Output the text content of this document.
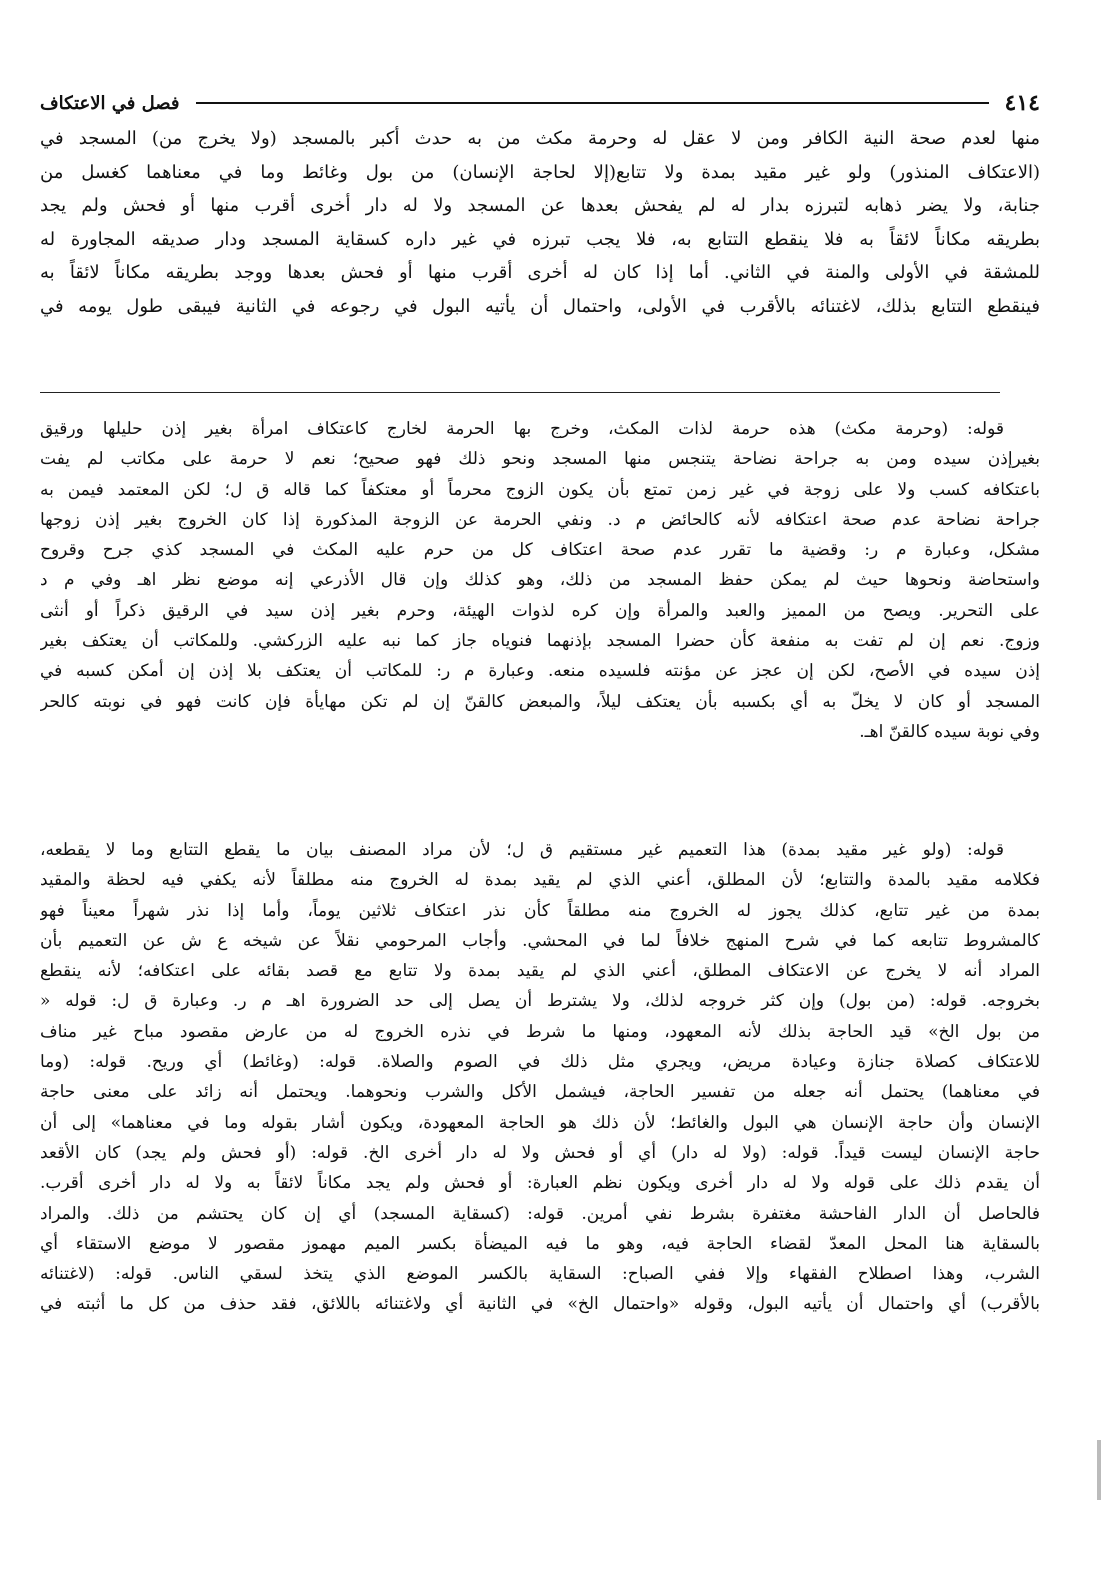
٤١٤
فصل في الاعتكاف
منها لعدم صحة النية الكافر ومن لا عقل له وحرمة مكث من به حدث أكبر بالمسجد (ولا يخرج من) المسجد في
(الاعتكاف المنذور) ولو غير مقيد بمدة ولا تتابع(إلا لحاجة الإنسان) من بول وغائط وما في معناهما كغسل من
جنابة، ولا يضر ذهابه لتبرزه بدار له لم يفحش بعدها عن المسجد ولا له دار أخرى أقرب منها أو فحش ولم يجد
بطريقه مكاناً لائقاً به فلا ينقطع التتابع به، فلا يجب تبرزه في غير داره كسقاية المسجد ودار صديقه المجاورة له
للمشقة في الأولى والمنة في الثاني. أما إذا كان له أخرى أقرب منها أو فحش بعدها ووجد بطريقه مكاناً لائقاً به
فينقطع التتابع بذلك، لاغتنائه بالأقرب في الأولى، واحتمال أن يأتيه البول في رجوعه في الثانية فيبقى طول يومه في
قوله: (وحرمة مكث) هذه حرمة لذات المكث، وخرج بها الحرمة لخارج كاعتكاف امرأة بغير إذن حليلها ورقيق
بغيرإذن سيده ومن به جراحة نضاحة يتنجس منها المسجد ونحو ذلك فهو صحيح؛ نعم لا حرمة على مكاتب لم يفت
باعتكافه كسب ولا على زوجة في غير زمن تمتع بأن يكون الزوج محرماً أو معتكفاً كما قاله ق ل؛ لكن المعتمد فيمن به
جراحة نضاحة عدم صحة اعتكافه لأنه كالحائض م د. ونفي الحرمة عن الزوجة المذكورة إذا كان الخروج بغير إذن زوجها
مشكل، وعبارة م ر: وقضية ما تقرر عدم صحة اعتكاف كل من حرم عليه المكث في المسجد كذي جرح وقروح
واستحاضة ونحوها حيث لم يمكن حفظ المسجد من ذلك، وهو كذلك وإن قال الأذرعي إنه موضع نظر اهـ وفي م د
على التحرير. ويصح من المميز والعبد والمرأة وإن كره لذوات الهيئة، وحرم بغير إذن سيد في الرقيق ذكراً أو أنثى
وزوج. نعم إن لم تفت به منفعة كأن حضرا المسجد بإذنهما فنوياه جاز كما نبه عليه الزركشي. وللمكاتب أن يعتكف بغير
إذن سيده في الأصح، لكن إن عجز عن مؤنته فلسيده منعه. وعبارة م ر: للمكاتب أن يعتكف بلا إذن إن أمكن كسبه في
المسجد أو كان لا يخلّ به أي بكسبه بأن يعتكف ليلاً، والمبعض كالقنّ إن لم تكن مهايأة فإن كانت فهو في نوبته كالحر
وفي نوبة سيده كالقنّ اهـ.
قوله: (ولو غير مقيد بمدة) هذا التعميم غير مستقيم ق ل؛ لأن مراد المصنف بيان ما يقطع التتابع وما لا يقطعه،
فكلامه مقيد بالمدة والتتابع؛ لأن المطلق، أعني الذي لم يقيد بمدة له الخروج منه مطلقاً لأنه يكفي فيه لحظة والمقيد
بمدة من غير تتابع، كذلك يجوز له الخروج منه مطلقاً كأن نذر اعتكاف ثلاثين يوماً، وأما إذا نذر شهراً معيناً فهو
كالمشروط تتابعه كما في شرح المنهج خلافاً لما في المحشي. وأجاب المرحومي نقلاً عن شيخه ع ش عن التعميم بأن
المراد أنه لا يخرج عن الاعتكاف المطلق، أعني الذي لم يقيد بمدة ولا تتابع مع قصد بقائه على اعتكافه؛ لأنه ينقطع
بخروجه. قوله: (من بول) وإن كثر خروجه لذلك، ولا يشترط أن يصل إلى حد الضرورة اهـ م ر. وعبارة ق ل: قوله «
من بول الخ» قيد الحاجة بذلك لأنه المعهود، ومنها ما شرط في نذره الخروج له من عارض مقصود مباح غير مناف
للاعتكاف كصلاة جنازة وعيادة مريض، ويجري مثل ذلك في الصوم والصلاة. قوله: (وغائط) أي وريح. قوله: (وما
في معناهما) يحتمل أنه جعله من تفسير الحاجة، فيشمل الأكل والشرب ونحوهما. ويحتمل أنه زائد على معنى حاجة
الإنسان وأن حاجة الإنسان هي البول والغائط؛ لأن ذلك هو الحاجة المعهودة، ويكون أشار بقوله وما في معناهما» إلى أن
حاجة الإنسان ليست قيداً. قوله: (ولا له دار) أي أو فحش ولا له دار أخرى الخ. قوله: (أو فحش ولم يجد) كان الأقعد
أن يقدم ذلك على قوله ولا له دار أخرى ويكون نظم العبارة: أو فحش ولم يجد مكاناً لائقاً به ولا له دار أخرى أقرب.
فالحاصل أن الدار الفاحشة مغتفرة بشرط نفي أمرين. قوله: (كسقاية المسجد) أي إن كان يحتشم من ذلك. والمراد
بالسقاية هنا المحل المعدّ لقضاء الحاجة فيه، وهو ما فيه الميضأة بكسر الميم مهموز مقصور لا موضع الاستقاء أي
الشرب، وهذا اصطلاح الفقهاء وإلا ففي الصباح: السقاية بالكسر الموضع الذي يتخذ لسقي الناس. قوله: (لاغتنائه
بالأقرب) أي واحتمال أن يأتيه البول، وقوله «واحتمال الخ» في الثانية أي ولاغتنائه باللائق، فقد حذف من كل ما أثبته في
